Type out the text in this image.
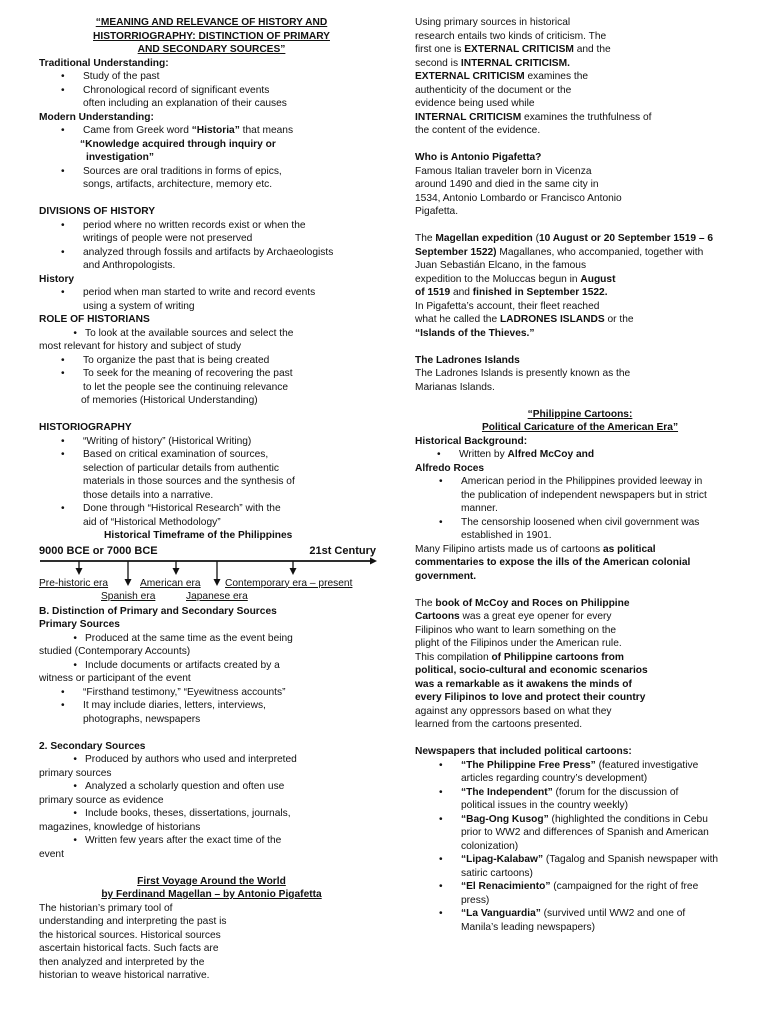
“MEANING AND RELEVANCE OF HISTORY AND

HISTORRIOGRAPHY: DISTINCTION OF PRIMARY

AND SECONDARY SOURCES”

Traditional Understanding:

• Study of the past
• Chronological record of significant events
often including an explanation of their causes

Modern Understanding:

• Came from Greek word “Historia” that means
“Knowledge acquired through inquiry or
investigation”
• Sources are oral traditions in forms of epics,
songs, artifacts, architecture, memory etc.

DIVISIONS OF HISTORY

• period where no written records exist or when the
writings of people were not preserved
• analyzed through fossils and artifacts by Archaeologists
and Anthropologists.

History

• period when man started to write and record events
using a system of writing

ROLE OF HISTORIANS

• To look at the available sources and select the
most relevant for history and subject of study
• To organize the past that is being created
• To seek for the meaning of recovering the past
to let the people see the continuing relevance
of memories (Historical Understanding)

HISTORIOGRAPHY

• “Writing of history” (Historical Writing)
• Based on critical examination of sources,
selection of particular details from authentic
materials in those sources and the synthesis of
those details into a narrative.
• Done through “Historical Research” with the
aid of “Historical Methodology”

Historical Timeframe of the Philippines

9000 BCE or 7000 BCE	21st Century
Pre-historic era	American era Contemporary era – present
Spanish era	Japanese era

B. Distinction of Primary and Secondary Sources

Primary Sources

• Produced at the same time as the event being
studied (Contemporary Accounts)
• Include documents or artifacts created by a
witness or participant of the event
• “Firsthand testimony,” “Eyewitness accounts”
• It may include diaries, letters, interviews,
photographs, newspapers

2. Secondary Sources

• Produced by authors who used and interpreted
primary sources
• Analyzed a scholarly question and often use
primary source as evidence
• Include books, theses, dissertations, journals,
magazines, knowledge of historians
• Written few years after the exact time of the
event

First Voyage Around the World

by Ferdinand Magellan – by Antonio Pigafetta

The historian’s primary tool of

understanding and interpreting the past is

the historical sources. Historical sources

ascertain historical facts. Such facts are

then analyzed and interpreted by the

historian to weave historical narrative.

Using primary sources in historical

research entails two kinds of criticism. The

first one is EXTERNAL CRITICISM and the

second is INTERNAL CRITICISM.

EXTERNAL CRITICISM examines the

authenticity of the document or the

evidence being used while

INTERNAL CRITICISM examines the truthfulness of

the content of the evidence.

Who is Antonio Pigafetta?

Famous Italian traveler born in Vicenza

around 1490 and died in the same city in

1534, Antonio Lombardo or Francisco Antonio

Pigafetta.

The Magellan expedition (10 August or 20 September 1519 – 6

September 1522) Magallanes, who accompanied, together with

Juan Sebastián Elcano, in the famous

expedition to the Moluccas begun in August

of 1519 and finished in September 1522.

In Pigafetta’s account, their fleet reached

what he called the LADRONES ISLANDS or the

“Islands of the Thieves.”

The Ladrones Islands

The Ladrones Islands is presently known as the

Marianas Islands.

“Philippine Cartoons:

Political Caricature of the American Era”

Historical Background:

• Written by Alfred McCoy and

Alfredo Roces

• American period in the Philippines provided leeway in
the publication of independent newspapers but in strict
manner.
• The censorship loosened when civil government was
established in 1901.

Many Filipino artists made us of cartoons as political

commentaries to expose the ills of the American colonial

government.

The book of McCoy and Roces on Philippine

Cartoons was a great eye opener for every

Filipinos who want to learn something on the

plight of the Filipinos under the American rule.

This compilation of Philippine cartoons from

political, socio-cultural and economic scenarios

was a remarkable as it awakens the minds of

every Filipinos to love and protect their country

against any oppressors based on what they

learned from the cartoons presented.

Newspapers that included political cartoons:

• “The Philippine Free Press” (featured investigative
articles regarding country’s development)
• “The Independent” (forum for the discussion of
political issues in the country weekly)
• “Bag-Ong Kusog” (highlighted the conditions in Cebu
prior to WW2 and differences of Spanish and American
colonization)
• “Lipag-Kalabaw” (Tagalog and Spanish newspaper with
satiric cartoons)
• “El Renacimiento” (campaigned for the right of free
press)
• “La Vanguardia” (survived until WW2 and one of
Manila’s leading newspapers)
